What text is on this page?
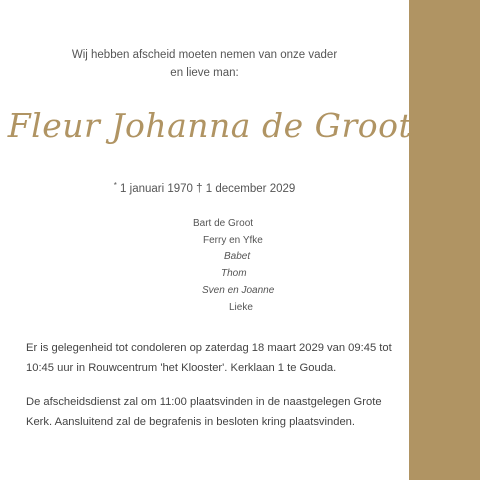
Wij hebben afscheid moeten nemen van onze vader
en lieve man:
Fleur Johanna de Groot
* 1 januari 1970 † 1 december 2029
Bart de Groot
Ferry en Yfke
Babet
Thom
Sven en Joanne
Lieke
Er is gelegenheid tot condoleren op zaterdag 18 maart 2029 van 09:45 tot
10:45 uur in Rouwcentrum 'het Klooster'. Kerklaan 1 te Gouda.
De afscheidsdienst zal om 11:00 plaatsvinden in de naastgelegen Grote
Kerk. Aansluitend zal de begrafenis in besloten kring plaatsvinden.
